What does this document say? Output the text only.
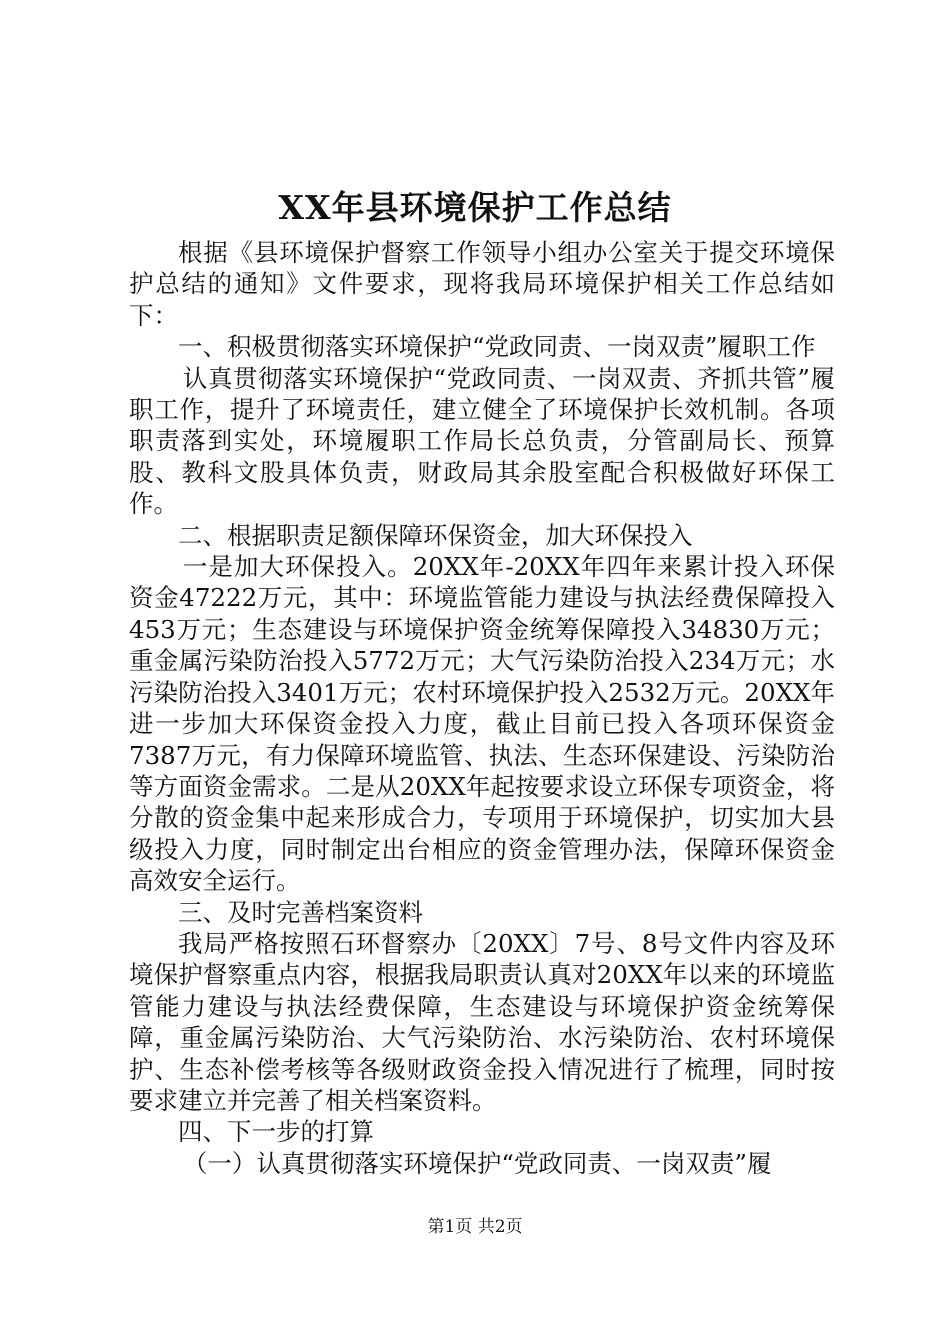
XX年县环境保护工作总结

根据《县环境保护督察工作领导小组办公室关于提交环境保护总结的通知》文件要求，现将我局环境保护相关工作总结如下：

一、积极贯彻落实环境保护“党政同责、一岗双责”履职工作

认真贯彻落实环境保护“党政同责、一岗双责、齐抓共管”履职工作，提升了环境责任，建立健全了环境保护长效机制。各项职责落到实处，环境履职工作局长总负责，分管副局长、预算股、教科文股具体负责，财政局其余股室配合积极做好环保工作。

二、根据职责足额保障环保资金，加大环保投入

一是加大环保投入。20XX年-20XX年四年来累计投入环保资金47222万元，其中：环境监管能力建设与执法经费保障投入453万元；生态建设与环境保护资金统筹保障投入34830万元；重金属污染防治投入5772万元；大气污染防治投入234万元；水污染防治投入3401万元；农村环境保护投入2532万元。20XX年进一步加大环保资金投入力度，截止目前已投入各项环保资金7387万元，有力保障环境监管、执法、生态环保建设、污染防治等方面资金需求。二是从20XX年起按要求设立环保专项资金，将分散的资金集中起来形成合力，专项用于环境保护，切实加大县级投入力度，同时制定出台相应的资金管理办法，保障环保资金高效安全运行。

三、及时完善档案资料

我局严格按照石环督察办〔20XX〕7号、8号文件内容及环境保护督察重点内容，根据我局职责认真对20XX年以来的环境监管能力建设与执法经费保障，生态建设与环境保护资金统筹保障，重金属污染防治、大气污染防治、水污染防治、农村环境保护、生态补偿考核等各级财政资金投入情况进行了梳理，同时按要求建立并完善了相关档案资料。

四、下一步的打算

（一）认真贯彻落实环境保护“党政同责、一岗双责”履

第1页 共2页
